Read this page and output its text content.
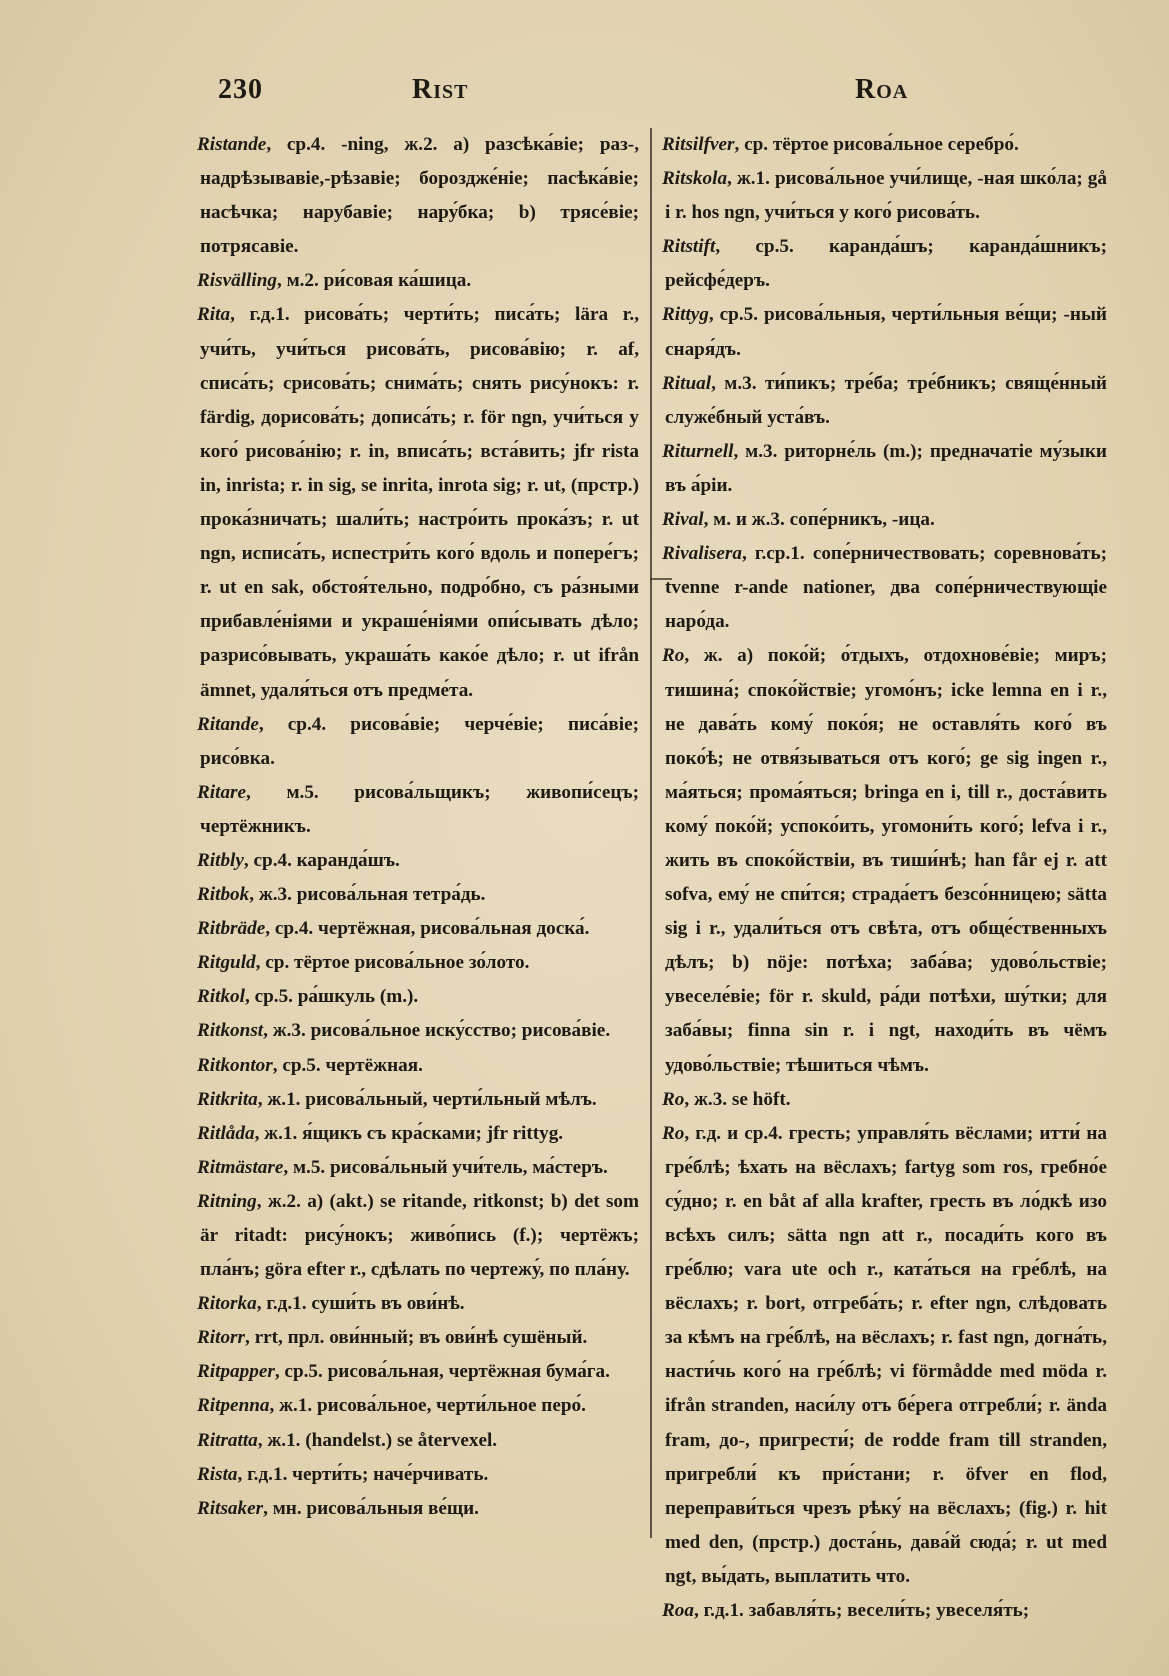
230	Rist	Roa

Ristande, ср.4. -ning, ж.2. a) разсѣка́віе; раз-, надрѣзывавіе,-рѣзавіе; бороздже́ніе; пасѣка́віе; насѣчка; нарубавіе; нару́бка; b) трясе́віе; потрясавіе.

Risvälling, м.2. ри́совая ка́шица.

Rita, г.д.1. рисова́ть; черти́ть; писа́ть; lära r., учи́ть, учи́ться рисова́ть, рисова́вію; r. af, списа́ть; срисова́ть; снима́ть; снять рису́нокъ: r. färdig, дорисова́ть; дописа́ть; r. för ngn, учи́ться у кого́ рисова́нію; r. in, вписа́ть; вста́вить; jfr rista in, inrista; r. in sig, se inrita, inrota sig; r. ut, (прстр.) прока́зничать; шали́ть; настро́ить прока́зъ; r. ut ngn, исписа́ть, испестри́ть кого́ вдоль и попере́гъ; r. ut en sak, обстоя́тельно, подро́бно, съ ра́зными прибавле́ніями и украше́ніями опи́сывать дѣло; разрисо́вывать, украша́ть како́е дѣло; r. ut ifrån ämnet, удаля́ться отъ предме́та.

Ritande, ср.4. рисова́віе; черче́віе; писа́віе; рисо́вка.

Ritare, м.5. рисова́льщикъ; живопи́сецъ; чертёжникъ.

Ritbly, ср.4. каранда́шъ.

Ritbok, ж.3. рисова́льная тетра́дь.

Ritbräde, ср.4. чертёжная, рисова́льная доска́.

Ritguld, ср. тёртое рисова́льное зо́лото.

Ritkol, ср.5. ра́шкуль (m.).

Ritkonst, ж.3. рисова́льное иску́сство; рисова́віе.

Ritkontor, ср.5. чертёжная.

Ritkrita, ж.1. рисова́льный, черти́льный мѣлъ.

Ritlåda, ж.1. я́щикъ съ кра́сками; jfr rittyg.

Ritmästare, м.5. рисова́льный учи́тель, ма́стеръ.

Ritning, ж.2. a) (akt.) se ritande, ritkonst; b) det som är ritadt: рису́нокъ; живо́пись (f.); чертёжъ; пла́нъ; göra efter r., сдѣлать по чертежу́, по пла́ну.

Ritorka, г.д.1. суши́ть въ ови́нѣ.

Ritorr, rrt, прл. ови́нный; въ ови́нѣ сушёный.

Ritpapper, ср.5. рисова́льная, чертёжная бума́га.

Ritpenna, ж.1. рисова́льное, черти́льное перо́.

Ritratta, ж.1. (handelst.) se återvexel.

Rista, г.д.1. черти́ть; наче́рчивать.

Ritsaker, мн. рисова́льныя ве́щи.

Ritsilfver, ср. тёртое рисова́льное серебро́.

Ritskola, ж.1. рисова́льное учи́лище, -ная шко́ла; gå i r. hos ngn, учи́ться у кого́ рисова́ть.

Ritstift, ср.5. каранда́шъ; каранда́шникъ; рейсфе́деръ.

Rittyg, ср.5. рисова́льныя, черти́льныя ве́щи; -ный снаря́дъ.

Ritual, м.3. ти́пикъ; тре́ба; тре́бникъ; свяще́нный служе́бный уста́въ.

Riturnell, м.3. риторне́ль (m.); предначатіе му́зыки въ а́ріи.

Rival, м. и ж.3. сопе́рникъ, -ица.

Rivalisera, г.ср.1. сопе́рничествовать; соревнова́ть; tvenne r-ande nationer, два сопе́рничествующіе наро́да.

Ro, ж. a) поко́й; о́тдыхъ, отдохнове́віе; миръ; тишина́; споко́йствіе; угомо́нъ; icke lemna en i r., не дава́ть кому́ поко́я; не оставля́ть кого́ въ поко́ѣ; не отвя́зываться отъ кого́; ge sig ingen r., ма́яться; прома́яться; bringa en i, till r., доста́вить кому́ поко́й; успоко́ить, угомони́ть кого́; lefva i r., жить въ споко́йствіи, въ тиши́нѣ; han får ej r. att sofva, ему́ не спи́тся; страда́етъ безсо́нницею; sätta sig i r., удали́ться отъ свѣта, отъ обще́ственныхъ дѣлъ; b) nöje: потѣха; заба́ва; удово́льствіе; увеселе́віе; för r. skuld, ра́ди потѣхи, шу́тки; для заба́вы; finna sin r. i ngt, находи́ть въ чёмъ удово́льствіе; тѣшиться чѣмъ.

Ro, ж.3. se höft.

Ro, г.д. и ср.4. гресть; управля́ть вёслами; итти́ на гре́блѣ; ѣхать на вёслахъ; fartyg som ros, гребно́е су́дно; r. en båt af alla krafter, гресть въ ло́дкѣ изо всѣхъ силъ; sätta ngn att r., посади́ть кого въ гре́блю; vara ute och r., ката́ться на гре́блѣ, на вёслахъ; r. bort, отгреба́ть; r. efter ngn, слѣдовать за кѣмъ на гре́блѣ, на вёслахъ; r. fast ngn, догна́ть, насти́чь кого́ на гре́блѣ; vi förmådde med möda r. ifrån stranden, наси́лу отъ бе́рега отгребли́; r. ända fram, до-, пригрести́; de rodde fram till stranden, пригребли́ къ при́стани; r. öfver en flod, переправи́ться чрезъ рѣку́ на вёслахъ; (fig.) r. hit med den, (прстр.) доста́нь, дава́й сюда́; r. ut med ngt, вы́дать, выплатить что.

Roa, г.д.1. забавля́ть; весели́ть; увеселя́ть;
